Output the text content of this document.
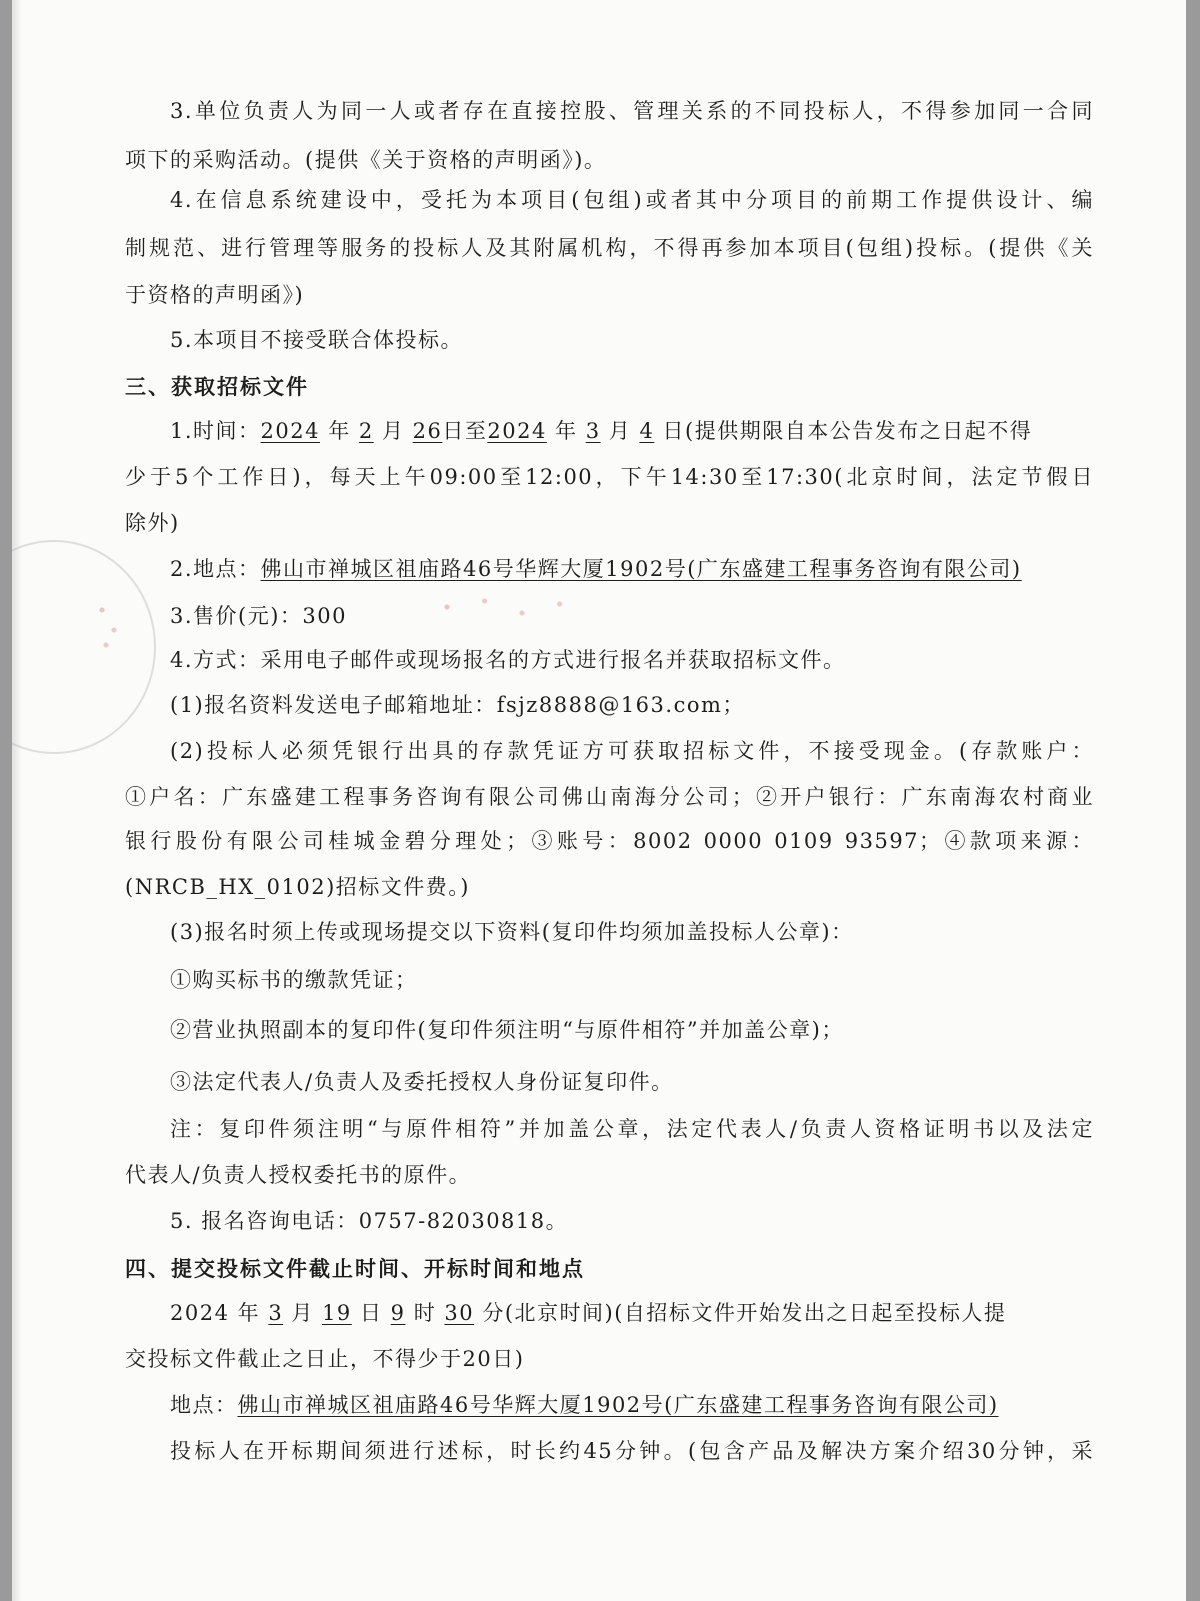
3.单位负责人为同一人或者存在直接控股、管理关系的不同投标人，不得参加同一合同

项下的采购活动。(提供《关于资格的声明函》)。

4.在信息系统建设中，受托为本项目(包组)或者其中分项目的前期工作提供设计、编

制规范、进行管理等服务的投标人及其附属机构，不得再参加本项目(包组)投标。(提供《关

于资格的声明函》)

5.本项目不接受联合体投标。

三、获取招标文件

1.时间：2024 年 2 月 26日至2024 年 3 月 4 日(提供期限自本公告发布之日起不得

少于5个工作日)，每天上午09:00至12:00，下午14:30至17:30(北京时间，法定节假日

除外)

2.地点：佛山市禅城区祖庙路46号华辉大厦1902号(广东盛建工程事务咨询有限公司)

3.售价(元)：300

4.方式：采用电子邮件或现场报名的方式进行报名并获取招标文件。

(1)报名资料发送电子邮箱地址：fsjz8888@163.com；

(2)投标人必须凭银行出具的存款凭证方可获取招标文件，不接受现金。(存款账户：

①户名：广东盛建工程事务咨询有限公司佛山南海分公司；②开户银行：广东南海农村商业

银行股份有限公司桂城金碧分理处；③账号：8002 0000 0109 93597；④款项来源：

(NRCB_HX_0102)招标文件费。)

(3)报名时须上传或现场提交以下资料(复印件均须加盖投标人公章)：

①购买标书的缴款凭证；

②营业执照副本的复印件(复印件须注明“与原件相符”并加盖公章)；

③法定代表人/负责人及委托授权人身份证复印件。

注：复印件须注明“与原件相符”并加盖公章，法定代表人/负责人资格证明书以及法定

代表人/负责人授权委托书的原件。

5. 报名咨询电话：0757-82030818。

四、提交投标文件截止时间、开标时间和地点

2024 年 3 月 19 日 9 时 30 分(北京时间)(自招标文件开始发出之日起至投标人提

交投标文件截止之日止，不得少于20日)

地点：佛山市禅城区祖庙路46号华辉大厦1902号(广东盛建工程事务咨询有限公司)

投标人在开标期间须进行述标，时长约45分钟。(包含产品及解决方案介绍30分钟，采
